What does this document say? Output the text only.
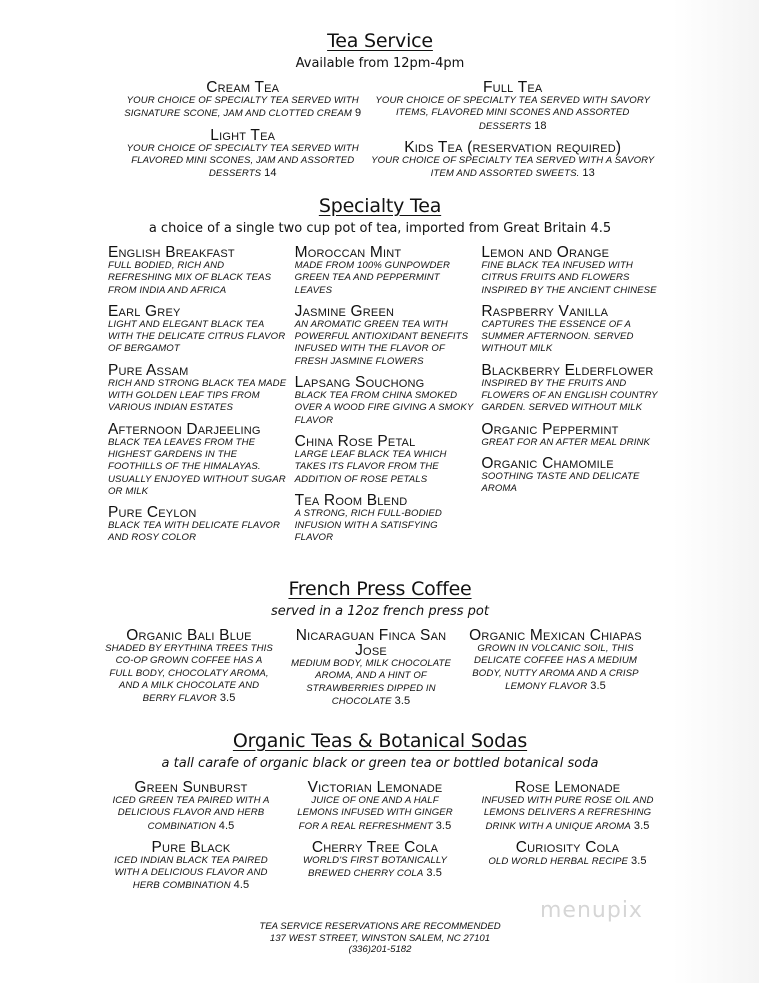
Tea Service
Available from 12pm-4pm
Cream Tea
YOUR CHOICE OF SPECIALTY TEA SERVED WITH SIGNATURE SCONE, JAM AND CLOTTED CREAM 9
Light Tea
YOUR CHOICE OF SPECIALTY TEA SERVED WITH FLAVORED MINI SCONES, JAM AND ASSORTED DESSERTS 14
Full Tea
YOUR CHOICE OF SPECIALTY TEA SERVED WITH SAVORY ITEMS, FLAVORED MINI SCONES AND ASSORTED DESSERTS 18
Kids Tea (reservation required)
YOUR CHOICE OF SPECIALTY TEA SERVED WITH A SAVORY ITEM AND ASSORTED SWEETS. 13
Specialty Tea
a choice of a single two cup pot of tea, imported from Great Britain 4.5
English Breakfast
FULL BODIED, RICH AND REFRESHING MIX OF BLACK TEAS FROM INDIA AND AFRICA
Earl Grey
LIGHT AND ELEGANT BLACK TEA WITH THE DELICATE CITRUS FLAVOR OF BERGAMOT
Pure Assam
RICH AND STRONG BLACK TEA MADE WITH GOLDEN LEAF TIPS FROM VARIOUS INDIAN ESTATES
Afternoon Darjeeling
BLACK TEA LEAVES FROM THE HIGHEST GARDENS IN THE FOOTHILLS OF THE HIMALAYAS. USUALLY ENJOYED WITHOUT SUGAR OR MILK
Pure Ceylon
BLACK TEA WITH DELICATE FLAVOR AND ROSY COLOR
Moroccan Mint
MADE FROM 100% GUNPOWDER GREEN TEA AND PEPPERMINT LEAVES
Jasmine Green
AN AROMATIC GREEN TEA WITH POWERFUL ANTIOXIDANT BENEFITS INFUSED WITH THE FLAVOR OF FRESH JASMINE FLOWERS
Lapsang Souchong
BLACK TEA FROM CHINA SMOKED OVER A WOOD FIRE GIVING A SMOKY FLAVOR
China Rose Petal
LARGE LEAF BLACK TEA WHICH TAKES ITS FLAVOR FROM THE ADDITION OF ROSE PETALS
Tea Room Blend
A STRONG, RICH FULL-BODIED INFUSION WITH A SATISFYING FLAVOR
Lemon and Orange
FINE BLACK TEA INFUSED WITH CITRUS FRUITS AND FLOWERS INSPIRED BY THE ANCIENT CHINESE
Raspberry Vanilla
CAPTURES THE ESSENCE OF A SUMMER AFTERNOON. SERVED WITHOUT MILK
Blackberry Elderflower
INSPIRED BY THE FRUITS AND FLOWERS OF AN ENGLISH COUNTRY GARDEN. SERVED WITHOUT MILK
Organic Peppermint
GREAT FOR AN AFTER MEAL DRINK
Organic Chamomile
SOOTHING TASTE AND DELICATE AROMA
French Press Coffee
served in a 12oz french press pot
Organic Bali Blue
SHADED BY ERYTHINA TREES THIS CO-OP GROWN COFFEE HAS A FULL BODY, CHOCOLATY AROMA, AND A MILK CHOCOLATE AND BERRY FLAVOR 3.5
Nicaraguan Finca San Jose
MEDIUM BODY, MILK CHOCOLATE AROMA, AND A HINT OF STRAWBERRIES DIPPED IN CHOCOLATE 3.5
Organic Mexican Chiapas
GROWN IN VOLCANIC SOIL, THIS DELICATE COFFEE HAS A MEDIUM BODY, NUTTY AROMA AND A CRISP LEMONY FLAVOR 3.5
Organic Teas & Botanical Sodas
a tall carafe of organic black or green tea or bottled botanical soda
Green Sunburst
ICED GREEN TEA PAIRED WITH A DELICIOUS FLAVOR AND HERB COMBINATION 4.5
Pure Black
ICED INDIAN BLACK TEA PAIRED WITH A DELICIOUS FLAVOR AND HERB COMBINATION 4.5
Victorian Lemonade
JUICE OF ONE AND A HALF LEMONS INFUSED WITH GINGER FOR A REAL REFRESHMENT 3.5
Cherry Tree Cola
WORLD'S FIRST BOTANICALLY BREWED CHERRY COLA 3.5
Rose Lemonade
INFUSED WITH PURE ROSE OIL AND LEMONS DELIVERS A REFRESHING DRINK WITH A UNIQUE AROMA 3.5
Curiosity Cola
OLD WORLD HERBAL RECIPE 3.5
TEA SERVICE RESERVATIONS ARE RECOMMENDED
137 WEST STREET, WINSTON SALEM, NC 27101
(336)201-5182
menupix
